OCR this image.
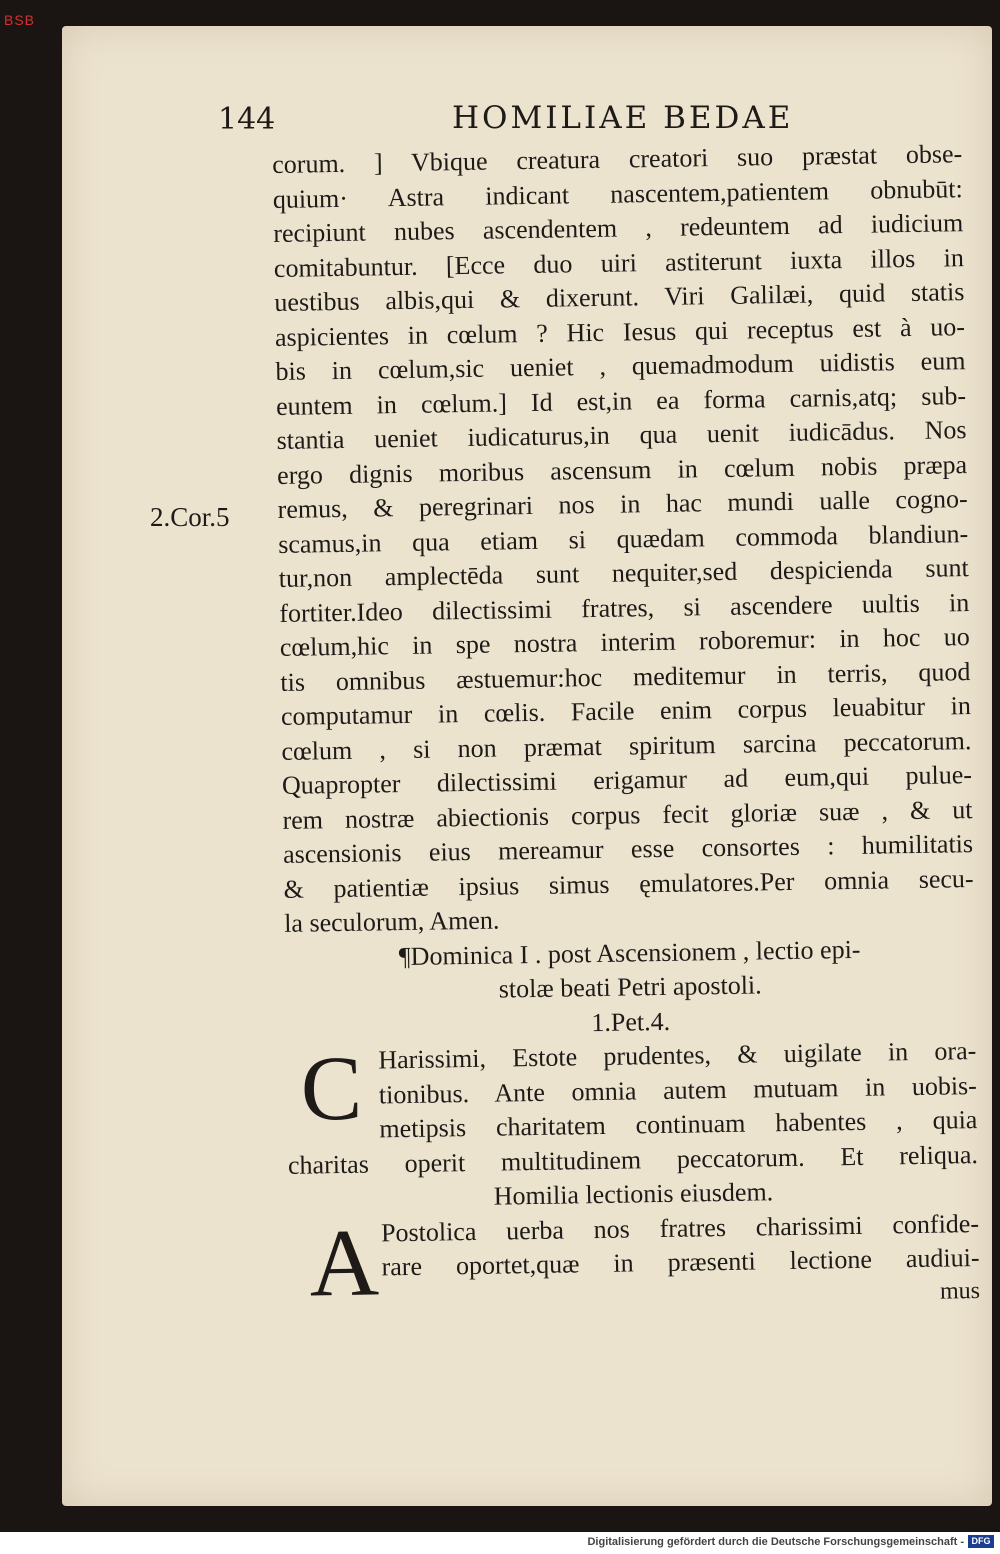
BSB
144	HOMILIAE BEDAE
2.Cor.5
corum. ] Vbique creatura creatori suo præstat obse-
quium· Astra indicant nascentem,patientem obnubūt:
recipiunt nubes ascendentem , redeuntem ad iudicium
comitabuntur. [Ecce duo uiri astiterunt iuxta illos in
uestibus albis,qui & dixerunt. Viri Galilæi, quid statis
aspicientes in cœlum ? Hic Iesus qui receptus est à uo-
bis in cœlum,sic ueniet , quemadmodum uidistis eum
euntem in cœlum.] Id est,in ea forma carnis,atq; sub-
stantia ueniet iudicaturus,in qua uenit iudicādus. Nos
ergo dignis moribus ascensum in cœlum nobis præpa
remus, & peregrinari nos in hac mundi ualle cogno-
scamus,in qua etiam si quædam commoda blandiun-
tur,non amplectēda sunt nequiter,sed despicienda sunt
fortiter.Ideo dilectissimi fratres, si ascendere uultis in
cœlum,hic in spe nostra interim roboremur: in hoc uo
tis omnibus æstuemur:hoc meditemur in terris, quod
computamur in cœlis. Facile enim corpus leuabitur in
cœlum , si non præmat spiritum sarcina peccatorum.
Quapropter dilectissimi erigamur ad eum,qui pulue-
rem nostræ abiectionis corpus fecit gloriæ suæ , & ut
ascensionis eius mereamur esse consortes : humilitatis
& patientiæ ipsius simus ęmulatores.Per omnia secu-
la seculorum, Amen.
¶Dominica I . post Ascensionem , lectio epi-
stolæ beati Petri apostoli.
1.Pet.4.
C Harissimi, Estote prudentes, & uigilate in ora-
tionibus. Ante omnia autem mutuam in uobis-
metipsis charitatem continuam habentes , quia
charitas operit multitudinem peccatorum. Et reliqua.
Homilia lectionis eiusdem.
A Postolica uerba nos fratres charissimi confide-
rare oportet,quæ in præsenti lectione audiui-
mus
Digitalisierung gefördert durch die Deutsche Forschungsgemeinschaft - DFG
